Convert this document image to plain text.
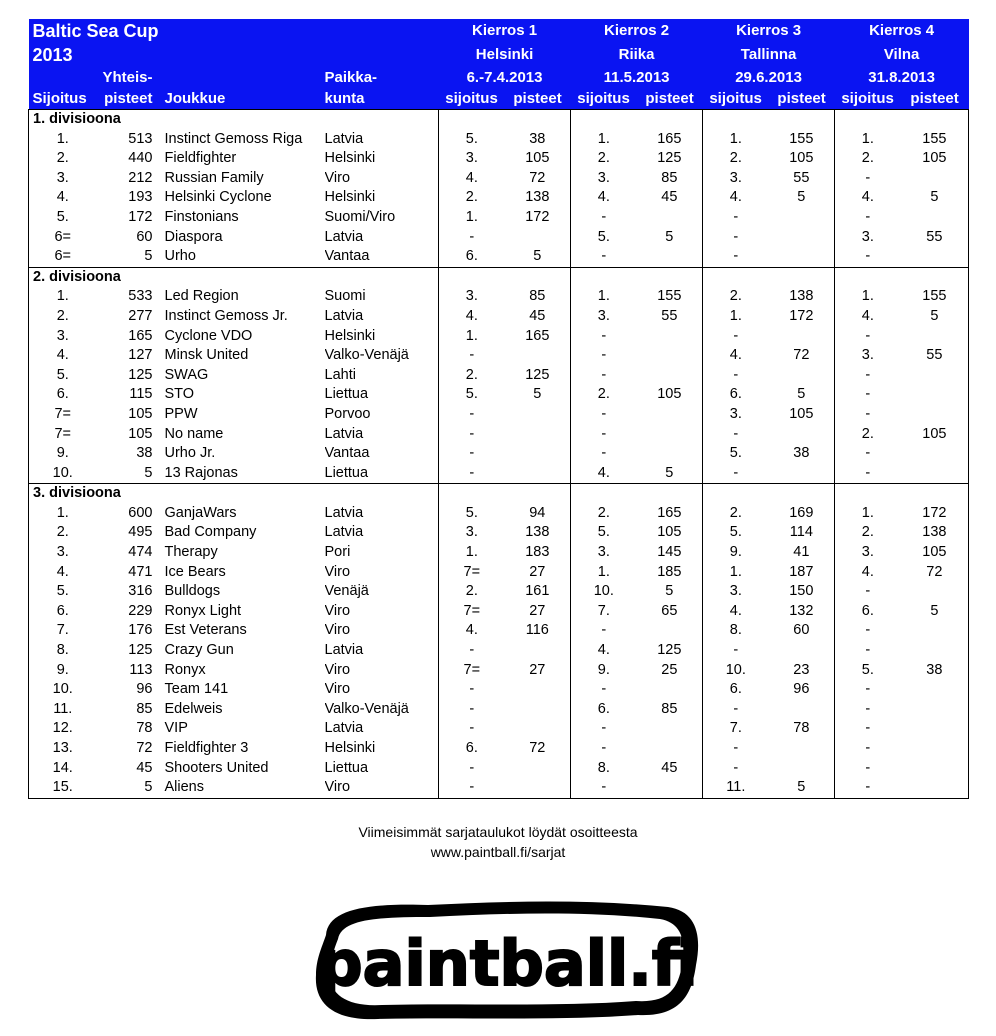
Baltic Sea Cup				Kierros 1		Kierros 2		Kierros 3		Kierros 4	
2013				Helsinki		Riika		Tallinna		Vilna	
	Yhteis-		Paikka-	6.-7.4.2013		11.5.2013		29.6.2013		31.8.2013	
Sijoitus	pisteet	Joukkue	kunta	sijoitus	pisteet	sijoitus	pisteet	sijoitus	pisteet	sijoitus	pisteet
1. divisioona											
1.	513	Instinct Gemoss Riga	Latvia	5.	38	1.	165	1.	155	1.	155
2.	440	Fieldfighter	Helsinki	3.	105	2.	125	2.	105	2.	105
3.	212	Russian Family	Viro	4.	72	3.	85	3.	55	-	
4.	193	Helsinki Cyclone	Helsinki	2.	138	4.	45	4.	5	4.	5
5.	172	Finstonians	Suomi/Viro	1.	172	-		-		-	
6=	60	Diaspora	Latvia	-		5.	5	-		3.	55
6=	5	Urho	Vantaa	6.	5	-		-		-	
2. divisioona											
1.	533	Led Region	Suomi	3.	85	1.	155	2.	138	1.	155
2.	277	Instinct Gemoss Jr.	Latvia	4.	45	3.	55	1.	172	4.	5
3.	165	Cyclone VDO	Helsinki	1.	165	-		-		-	
4.	127	Minsk United	Valko-Venäjä	-		-		4.	72	3.	55
5.	125	SWAG	Lahti	2.	125	-		-		-	
6.	115	STO	Liettua	5.	5	2.	105	6.	5	-	
7=	105	PPW	Porvoo	-		-		3.	105	-	
7=	105	No name	Latvia	-		-		-		2.	105
9.	38	Urho Jr.	Vantaa	-		-		5.	38	-	
10.	5	13 Rajonas	Liettua	-		4.	5	-		-	
3. divisioona											
1.	600	GanjaWars	Latvia	5.	94	2.	165	2.	169	1.	172
2.	495	Bad Company	Latvia	3.	138	5.	105	5.	114	2.	138
3.	474	Therapy	Pori	1.	183	3.	145	9.	41	3.	105
4.	471	Ice Bears	Viro	7=	27	1.	185	1.	187	4.	72
5.	316	Bulldogs	Venäjä	2.	161	10.	5	3.	150	-	
6.	229	Ronyx Light	Viro	7=	27	7.	65	4.	132	6.	5
7.	176	Est Veterans	Viro	4.	116	-		8.	60	-	
8.	125	Crazy Gun	Latvia	-		4.	125	-		-	
9.	113	Ronyx	Viro	7=	27	9.	25	10.	23	5.	38
10.	96	Team 141	Viro	-		-		6.	96	-	
11.	85	Edelweis	Valko-Venäjä	-		6.	85	-		-	
12.	78	VIP	Latvia	-		-		7.	78	-	
13.	72	Fieldfighter 3	Helsinki	6.	72	-		-		-	
14.	45	Shooters United	Liettua	-		8.	45	-		-	
15.	5	Aliens	Viro	-		-		11.	5	-	
Viimeisimmät sarjataulukot löydät osoitteesta
www.paintball.fi/sarjat
paintball.fi
